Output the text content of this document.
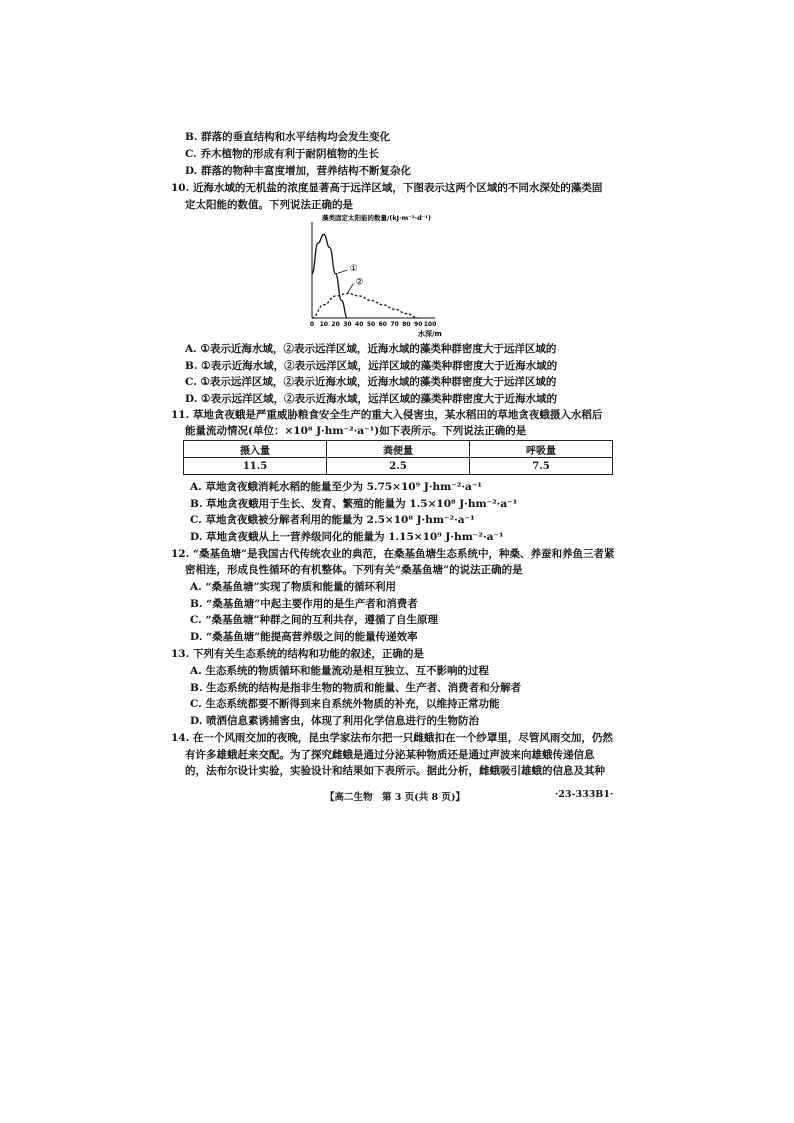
B. 群落的垂直结构和水平结构均会发生变化
C. 乔木植物的形成有利于耐阴植物的生长
D. 群落的物种丰富度增加，营养结构不断复杂化
10. 近海水域的无机盐的浓度显著高于远洋区域，下图表示这两个区域的不同水深处的藻类固
定太阳能的数值。下列说法正确的是
藻类固定太阳能的数量/(kJ·m⁻²·d⁻¹)
0 10 20 30 40 50 60 70 80 90 100
①
②
水深/m
A. ①表示近海水域，②表示远洋区域，近海水域的藻类种群密度大于远洋区域的
B. ①表示近海水域，②表示远洋区域，远洋区域的藻类种群密度大于近海水域的
C. ①表示远洋区域，②表示近海水域，近海水域的藻类种群密度大于远洋区域的
D. ①表示远洋区域，②表示近海水域，远洋区域的藻类种群密度大于近海水域的
11. 草地贪夜蛾是严重威胁粮食安全生产的重大入侵害虫，某水稻田的草地贪夜蛾摄入水稻后
能量流动情况(单位：×10⁸ J·hm⁻²·a⁻¹)如下表所示。下列说法正确的是
摄入量	粪便量	呼吸量
11.5	2.5	7.5
A. 草地贪夜蛾消耗水稻的能量至少为 5.75×10⁹ J·hm⁻²·a⁻¹
B. 草地贪夜蛾用于生长、发育、繁殖的能量为 1.5×10⁸ J·hm⁻²·a⁻¹
C. 草地贪夜蛾被分解者利用的能量为 2.5×10⁸ J·hm⁻²·a⁻¹
D. 草地贪夜蛾从上一营养级同化的能量为 1.15×10⁹ J·hm⁻²·a⁻¹
12. “桑基鱼塘”是我国古代传统农业的典范，在桑基鱼塘生态系统中，种桑、养蚕和养鱼三者紧
密相连，形成良性循环的有机整体。下列有关“桑基鱼塘”的说法正确的是
A. “桑基鱼塘”实现了物质和能量的循环利用
B. “桑基鱼塘”中起主要作用的是生产者和消费者
C. “桑基鱼塘”种群之间的互利共存，遵循了自生原理
D. “桑基鱼塘”能提高营养级之间的能量传递效率
13. 下列有关生态系统的结构和功能的叙述，正确的是
A. 生态系统的物质循环和能量流动是相互独立、互不影响的过程
B. 生态系统的结构是指非生物的物质和能量、生产者、消费者和分解者
C. 生态系统都要不断得到来自系统外物质的补充，以维持正常功能
D. 喷洒信息素诱捕害虫，体现了利用化学信息进行的生物防治
14. 在一个风雨交加的夜晚，昆虫学家法布尔把一只雌蛾扣在一个纱罩里，尽管风雨交加，仍然
有许多雄蛾赶来交配。为了探究雌蛾是通过分泌某种物质还是通过声波来向雄蛾传递信息
的，法布尔设计实验，实验设计和结果如下表所示。据此分析，雌蛾吸引雄蛾的信息及其种
【高二生物　第 3 页(共 8 页)】	·23-333B1·
